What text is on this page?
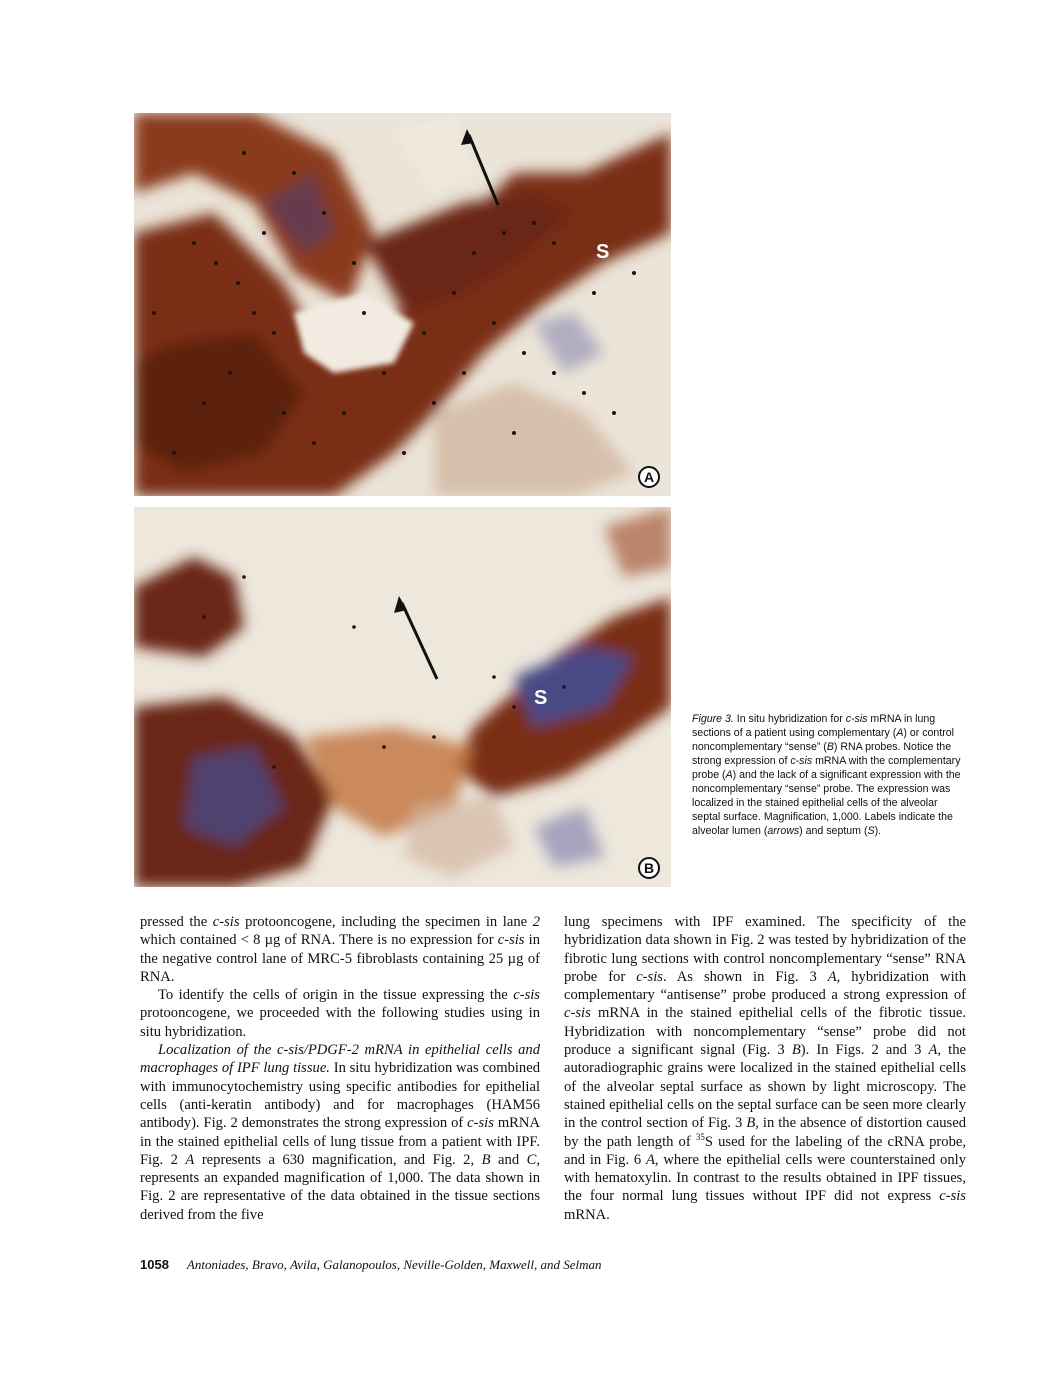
S
A
S
B
Figure 3. In situ hybridization for c-sis mRNA in lung sections of a patient using complementary (A) or control noncomplementary “sense” (B) RNA probes. Notice the strong expression of c-sis mRNA with the complementary probe (A) and the lack of a significant expression with the noncomplementary “sense” probe. The expression was localized in the stained epithelial cells of the alveolar septal surface. Magnification, 1,000. Labels indicate the alveolar lumen (arrows) and septum (S).

pressed the c-sis protooncogene, including the specimen in lane 2 which contained < 8 µg of RNA. There is no expression for c-sis in the negative control lane of MRC-5 fibroblasts containing 25 µg of RNA.

To identify the cells of origin in the tissue expressing the c-sis protooncogene, we proceeded with the following studies using in situ hybridization.

Localization of the c-sis/PDGF-2 mRNA in epithelial cells and macrophages of IPF lung tissue. In situ hybridization was combined with immunocytochemistry using specific antibodies for epithelial cells (anti-keratin antibody) and for macrophages (HAM56 antibody). Fig. 2 demonstrates the strong expression of c-sis mRNA in the stained epithelial cells of lung tissue from a patient with IPF. Fig. 2 A represents a 630 magnification, and Fig. 2, B and C, represents an expanded magnification of 1,000. The data shown in Fig. 2 are representative of the data obtained in the tissue sections derived from the five

lung specimens with IPF examined. The specificity of the hybridization data shown in Fig. 2 was tested by hybridization of the fibrotic lung sections with control noncomplementary “sense” RNA probe for c-sis. As shown in Fig. 3 A, hybridization with complementary “antisense” probe produced a strong expression of c-sis mRNA in the stained epithelial cells of the fibrotic tissue. Hybridization with noncomplementary “sense” probe did not produce a significant signal (Fig. 3 B). In Figs. 2 and 3 A, the autoradiographic grains were localized in the stained epithelial cells of the alveolar septal surface as shown by light microscopy. The stained epithelial cells on the septal surface can be seen more clearly in the control section of Fig. 3 B, in the absence of distortion caused by the path length of $^{35}$S used for the labeling of the cRNA probe, and in Fig. 6 A, where the epithelial cells were counterstained only with hematoxylin. In contrast to the results obtained in IPF tissues, the four normal lung tissues without IPF did not express c-sis mRNA.

1058 Antoniades, Bravo, Avila, Galanopoulos, Neville-Golden, Maxwell, and Selman
